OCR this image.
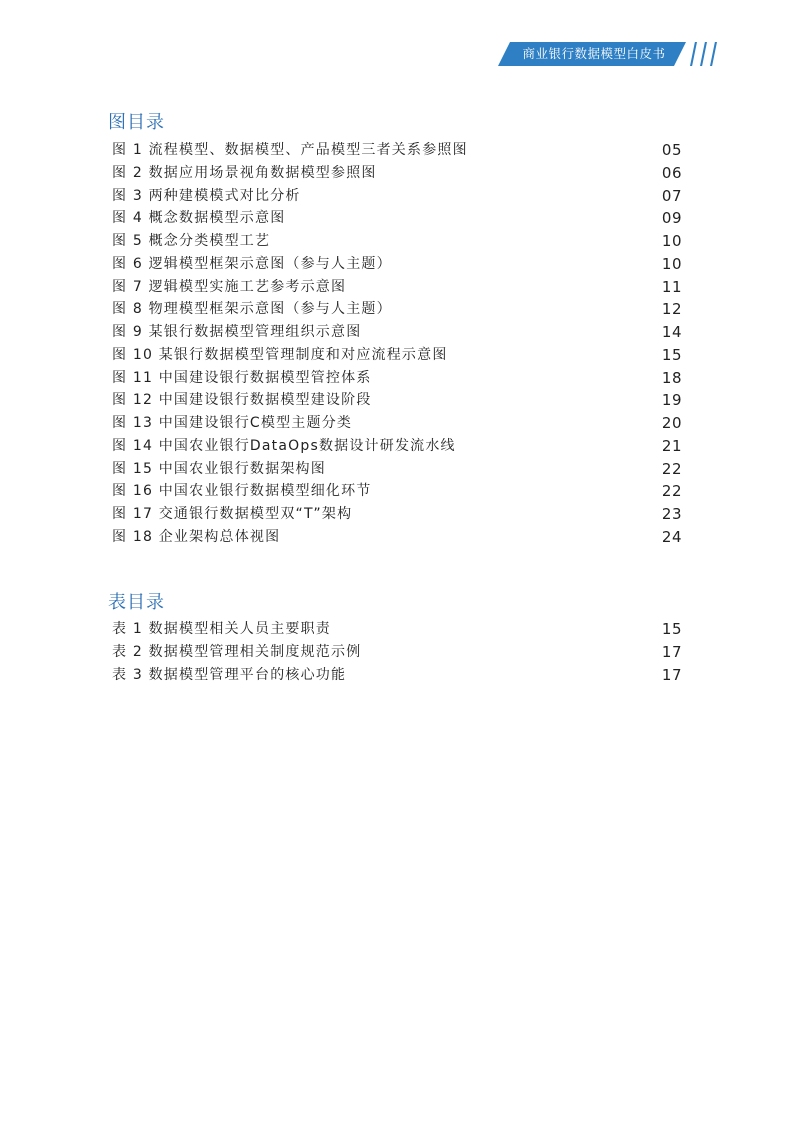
商业银行数据模型白皮书
图目录
图 1 流程模型、数据模型、产品模型三者关系参照图	05
图 2 数据应用场景视角数据模型参照图	06
图 3 两种建模模式对比分析	07
图 4 概念数据模型示意图	09
图 5 概念分类模型工艺	10
图 6 逻辑模型框架示意图（参与人主题）	10
图 7 逻辑模型实施工艺参考示意图	11
图 8 物理模型框架示意图（参与人主题）	12
图 9 某银行数据模型管理组织示意图	14
图 10 某银行数据模型管理制度和对应流程示意图	15
图 11 中国建设银行数据模型管控体系	18
图 12 中国建设银行数据模型建设阶段	19
图 13 中国建设银行C模型主题分类	20
图 14 中国农业银行DataOps数据设计研发流水线	21
图 15 中国农业银行数据架构图	22
图 16 中国农业银行数据模型细化环节	22
图 17 交通银行数据模型双“T”架构	23
图 18 企业架构总体视图	24
表目录
表 1 数据模型相关人员主要职责	15
表 2 数据模型管理相关制度规范示例	17
表 3 数据模型管理平台的核心功能	17
